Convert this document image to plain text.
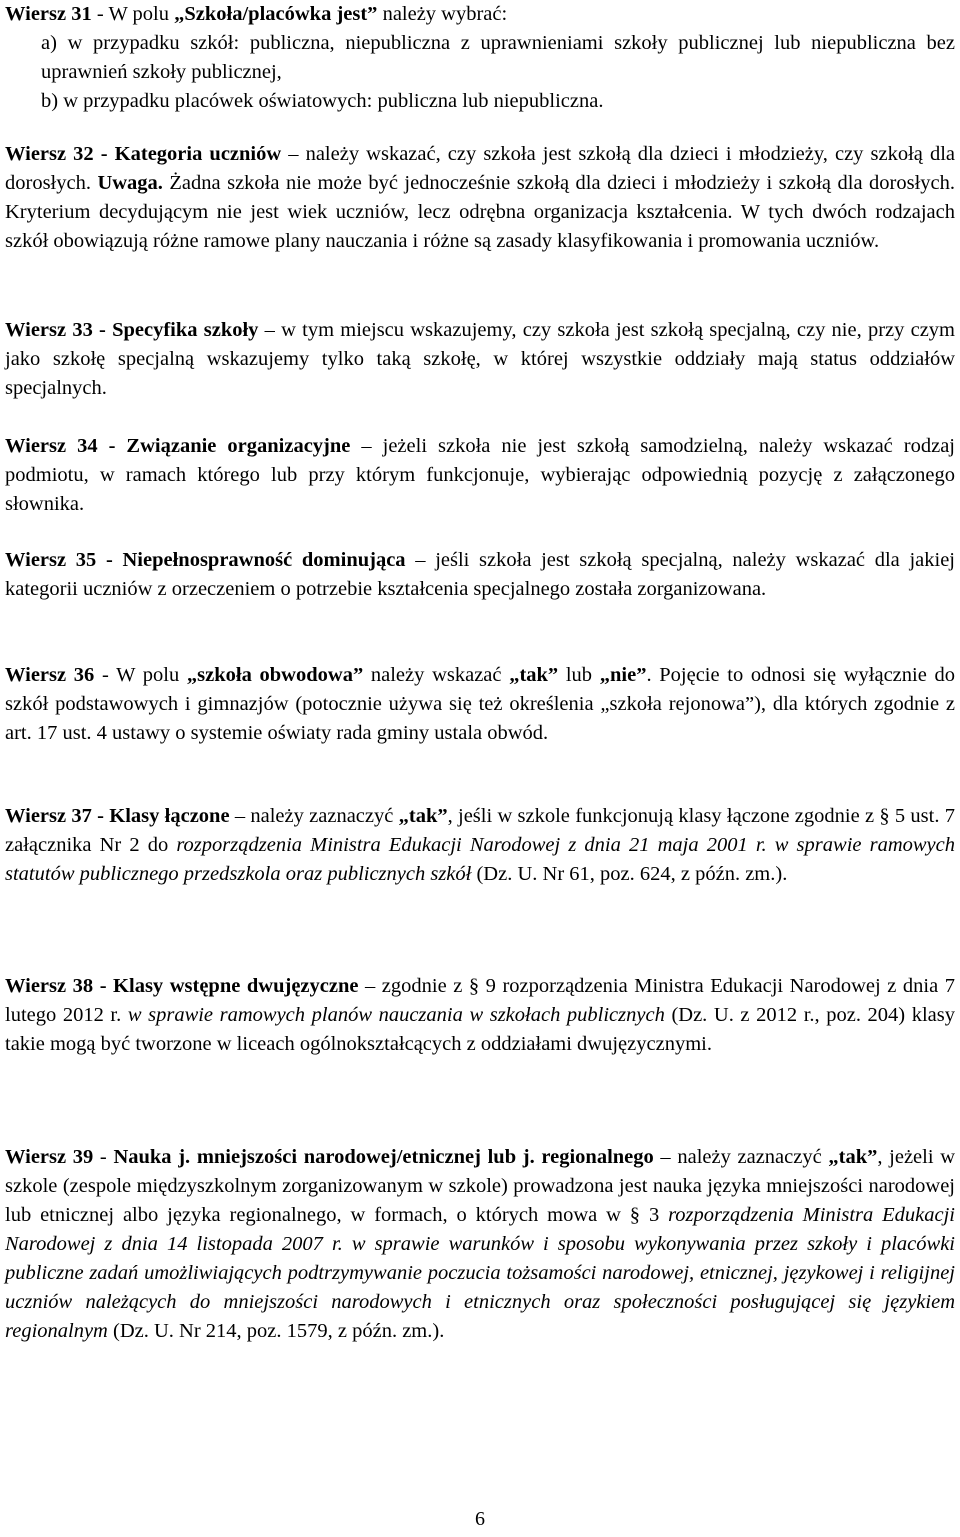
Wiersz 31 - W polu „Szkoła/placówka jest” należy wybrać:

a) w przypadku szkół: publiczna, niepubliczna z uprawnieniami szkoły publicznej lub niepubliczna bez uprawnień szkoły publicznej,

b) w przypadku placówek oświatowych: publiczna lub niepubliczna.

Wiersz 32 - Kategoria uczniów – należy wskazać, czy szkoła jest szkołą dla dzieci i młodzieży, czy szkołą dla dorosłych. Uwaga. Żadna szkoła nie może być jednocześnie szkołą dla dzieci i młodzieży i szkołą dla dorosłych. Kryterium decydującym nie jest wiek uczniów, lecz odrębna organizacja kształcenia. W tych dwóch rodzajach szkół obowiązują różne ramowe plany nauczania i różne są zasady klasyfikowania i promowania uczniów.

Wiersz 33 - Specyfika szkoły – w tym miejscu wskazujemy, czy szkoła jest szkołą specjalną, czy nie, przy czym jako szkołę specjalną wskazujemy tylko taką szkołę, w której wszystkie oddziały mają status oddziałów specjalnych.

Wiersz 34 - Związanie organizacyjne – jeżeli szkoła nie jest szkołą samodzielną, należy wskazać rodzaj podmiotu, w ramach którego lub przy którym funkcjonuje, wybierając odpowiednią pozycję z załączonego słownika.

Wiersz 35 - Niepełnosprawność dominująca – jeśli szkoła jest szkołą specjalną, należy wskazać dla jakiej kategorii uczniów z orzeczeniem o potrzebie kształcenia specjalnego została zorganizowana.

Wiersz 36 - W polu „szkoła obwodowa” należy wskazać „tak” lub „nie”. Pojęcie to odnosi się wyłącznie do szkół podstawowych i gimnazjów (potocznie używa się też określenia „szkoła rejonowa”), dla których zgodnie z art. 17 ust. 4 ustawy o systemie oświaty rada gminy ustala obwód.

Wiersz 37 - Klasy łączone – należy zaznaczyć „tak”, jeśli w szkole funkcjonują klasy łączone zgodnie z § 5 ust. 7 załącznika Nr 2 do rozporządzenia Ministra Edukacji Narodowej z dnia 21 maja 2001 r. w sprawie ramowych statutów publicznego przedszkola oraz publicznych szkół (Dz. U. Nr 61, poz. 624, z późn. zm.).

Wiersz 38 - Klasy wstępne dwujęzyczne – zgodnie z § 9 rozporządzenia Ministra Edukacji Narodowej z dnia 7 lutego 2012 r. w sprawie ramowych planów nauczania w szkołach publicznych (Dz. U. z 2012 r., poz. 204) klasy takie mogą być tworzone w liceach ogólnokształcących z oddziałami dwujęzycznymi.

Wiersz 39 - Nauka j. mniejszości narodowej/etnicznej lub j. regionalnego – należy zaznaczyć „tak”, jeżeli w szkole (zespole międzyszkolnym zorganizowanym w szkole) prowadzona jest nauka języka mniejszości narodowej lub etnicznej albo języka regionalnego, w formach, o których mowa w § 3 rozporządzenia Ministra Edukacji Narodowej z dnia 14 listopada 2007 r. w sprawie warunków i sposobu wykonywania przez szkoły i placówki publiczne zadań umożliwiających podtrzymywanie poczucia tożsamości narodowej, etnicznej, językowej i religijnej uczniów należących do mniejszości narodowych i etnicznych oraz społeczności posługującej się językiem regionalnym (Dz. U. Nr 214, poz. 1579, z późn. zm.).

6
